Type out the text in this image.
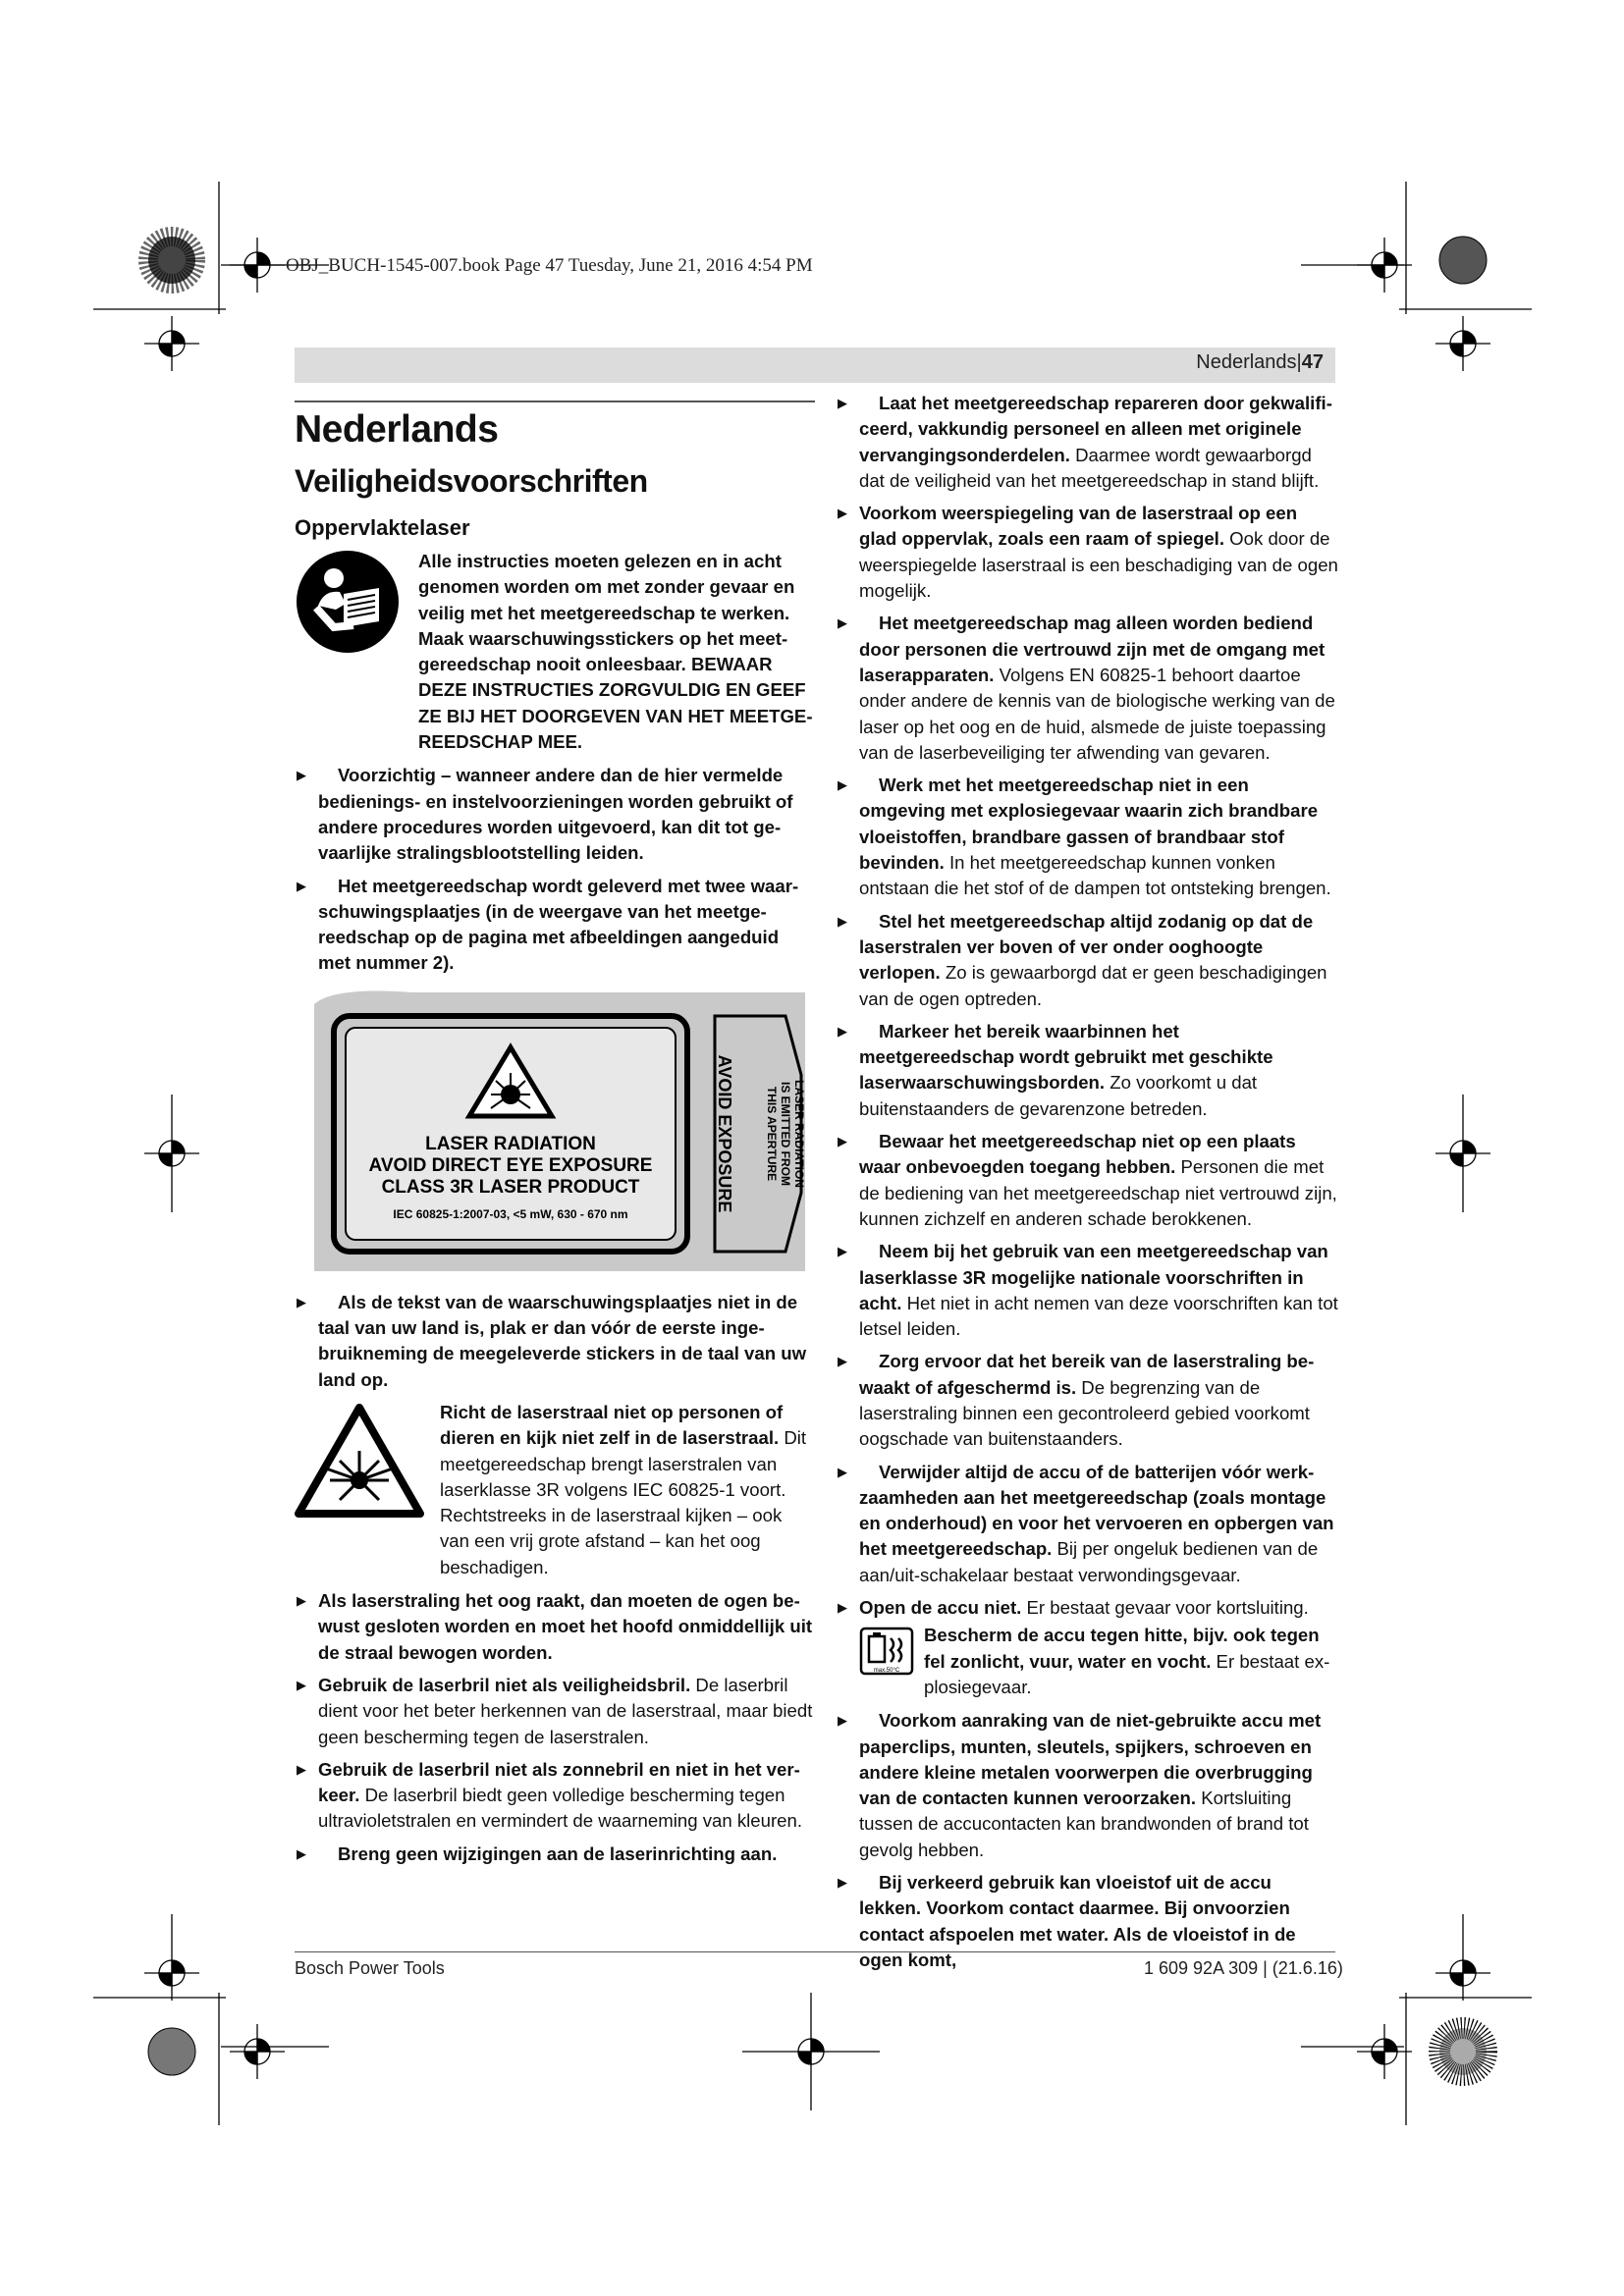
OBJ_BUCH-1545-007.book Page 47 Tuesday, June 21, 2016 4:54 PM
Nederlands|47
Nederlands
Veiligheidsvoorschriften
Oppervlaktelaser
Alle instructies moeten gelezen en in acht genomen worden om met zonder gevaar en veilig met het meetgereedschap te werken. Maak waarschuwingsstickers op het meetgereedschap nooit onleesbaar. BEWAAR DEZE INSTRUCTIES ZORGVULDIG EN GEEF ZE BIJ HET DOORGEVEN VAN HET MEETGEREEDSCHAP MEE.
▶ Voorzichtig – wanneer andere dan de hier vermelde bedienings- en instelvoorzieningen worden gebruikt of andere procedures worden uitgevoerd, kan dit tot gevaarlijke stralingsblootstelling leiden.
▶ Het meetgereedschap wordt geleverd met twee waarschuwingsplaatjes (in de weergave van het meetgereedschap op de pagina met afbeeldingen aangeduid met nummer 2).
LASER RADIATION
AVOID DIRECT EYE EXPOSURE
CLASS 3R LASER PRODUCT
IEC 60825-1:2007-03, <5 mW, 630 - 670 nm
AVOID EXPOSURE	LASER RADIATION
IS EMITTED FROM
THIS APERTURE
▶ Als de tekst van de waarschuwingsplaatjes niet in de taal van uw land is, plak er dan vóór de eerste ingebruikneming de meegeleverde stickers in de taal van uw land op.
Richt de laserstraal niet op personen of dieren en kijk niet zelf in de laserstraal. Dit meetgereedschap brengt laserstralen van laserklasse 3R volgens IEC 60825-1 voort. Rechtstreeks in de laserstraal kijken – ook van een vrij grote afstand – kan het oog beschadigen.
▶ Als laserstraling het oog raakt, dan moeten de ogen bewust gesloten worden en moet het hoofd onmiddellijk uit de straal bewogen worden.
▶ Gebruik de laserbril niet als veiligheidsbril. De laserbril dient voor het beter herkennen van de laserstraal, maar biedt geen bescherming tegen de laserstralen.
▶ Gebruik de laserbril niet als zonnebril en niet in het verkeer. De laserbril biedt geen volledige bescherming tegen ultravioletstralen en vermindert de waarneming van kleuren.
▶ Breng geen wijzigingen aan de laserinrichting aan.
▶ Laat het meetgereedschap repareren door gekwalificeerd, vakkundig personeel en alleen met originele vervangingsonderdelen. Daarmee wordt gewaarborgd dat de veiligheid van het meetgereedschap in stand blijft.
▶ Voorkom weerspiegeling van de laserstraal op een glad oppervlak, zoals een raam of spiegel. Ook door de weerspiegelde laserstraal is een beschadiging van de ogen mogelijk.
▶ Het meetgereedschap mag alleen worden bediend door personen die vertrouwd zijn met de omgang met laserapparaten. Volgens EN 60825-1 behoort daartoe onder andere de kennis van de biologische werking van de laser op het oog en de huid, alsmede de juiste toepassing van de laserbeveiliging ter afwending van gevaren.
▶ Werk met het meetgereedschap niet in een omgeving met explosiegevaar waarin zich brandbare vloeistoffen, brandbare gassen of brandbaar stof bevinden. In het meetgereedschap kunnen vonken ontstaan die het stof of de dampen tot ontsteking brengen.
▶ Stel het meetgereedschap altijd zodanig op dat de laserstralen ver boven of ver onder ooghoogte verlopen. Zo is gewaarborgd dat er geen beschadigingen van de ogen optreden.
▶ Markeer het bereik waarbinnen het meetgereedschap wordt gebruikt met geschikte laserwaarschuwingsborden. Zo voorkomt u dat buitenstaanders de gevarenzone betreden.
▶ Bewaar het meetgereedschap niet op een plaats waar onbevoegden toegang hebben. Personen die met de bediening van het meetgereedschap niet vertrouwd zijn, kunnen zichzelf en anderen schade berokkenen.
▶ Neem bij het gebruik van een meetgereedschap van laserklasse 3R mogelijke nationale voorschriften in acht. Het niet in acht nemen van deze voorschriften kan tot letsel leiden.
▶ Zorg ervoor dat het bereik van de laserstraling bewaakt of afgeschermd is. De begrenzing van de laserstraling binnen een gecontroleerd gebied voorkomt oogschade van buitenstaanders.
▶ Verwijder altijd de accu of de batterijen vóór werkzaamheden aan het meetgereedschap (zoals montage en onderhoud) en voor het vervoeren en opbergen van het meetgereedschap. Bij per ongeluk bedienen van de aan/uit-schakelaar bestaat verwondingsgevaar.
▶ Open de accu niet. Er bestaat gevaar voor kortsluiting.
max.50°C
Bescherm de accu tegen hitte, bijv. ook tegen fel zonlicht, vuur, water en vocht. Er bestaat explosiegevaar.
▶ Voorkom aanraking van de niet-gebruikte accu met paperclips, munten, sleutels, spijkers, schroeven en andere kleine metalen voorwerpen die overbrugging van de contacten kunnen veroorzaken. Kortsluiting tussen de accucontacten kan brandwonden of brand tot gevolg hebben.
▶ Bij verkeerd gebruik kan vloeistof uit de accu lekken. Voorkom contact daarmee. Bij onvoorzien contact afspoelen met water. Als de vloeistof in de ogen komt,
Bosch Power Tools	1 609 92A 309 | (21.6.16)
